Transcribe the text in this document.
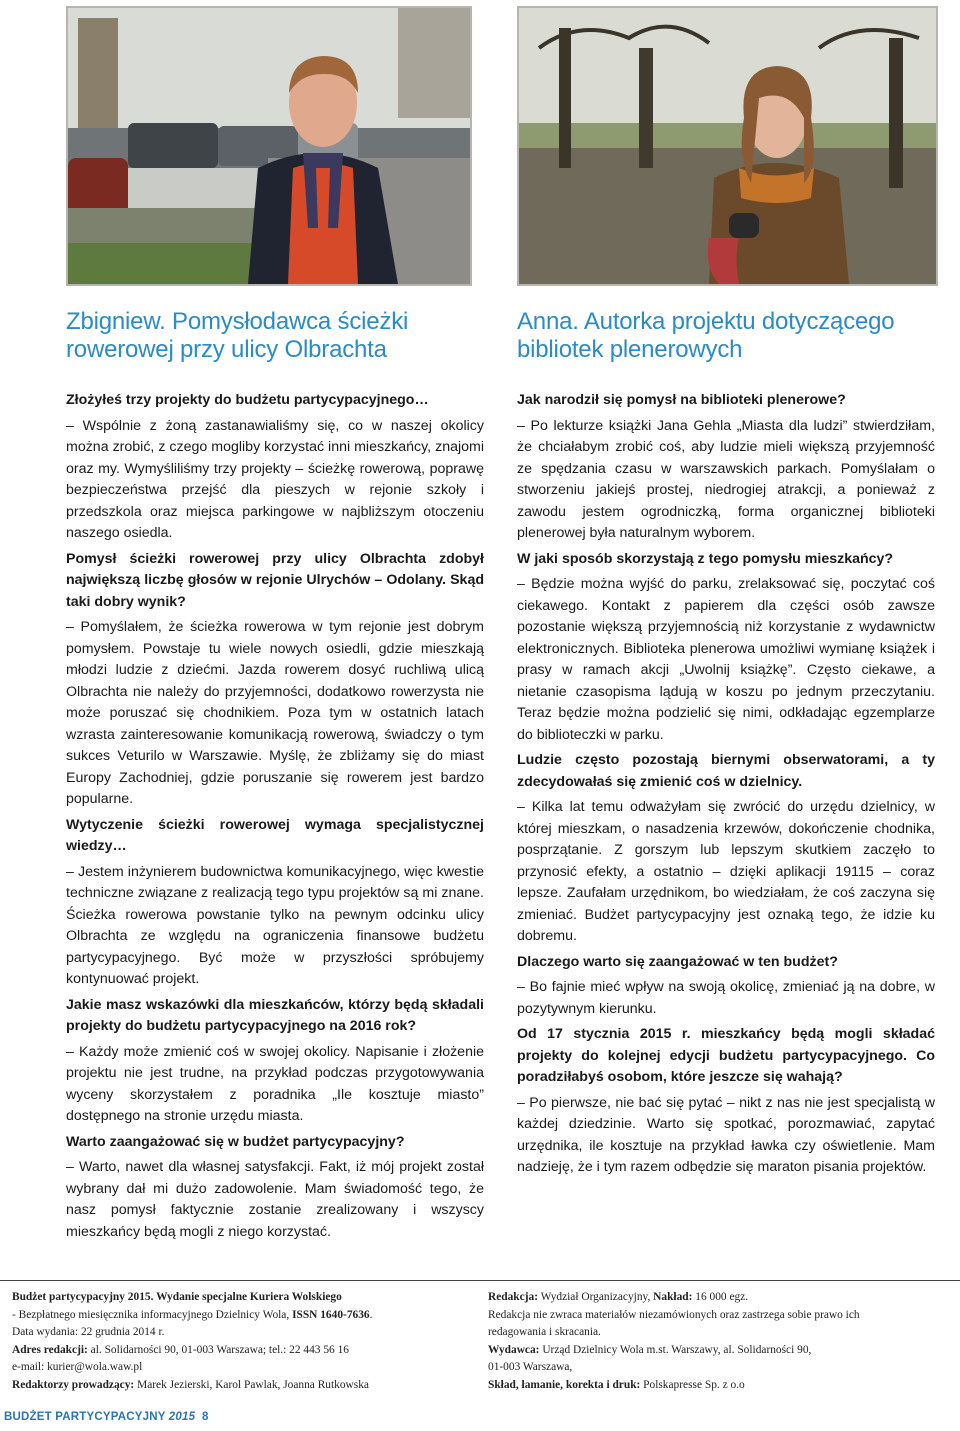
Zbigniew. Pomysłodawca ścieżki
rowerowej przy ulicy Olbrachta
Anna. Autorka projektu dotyczącego
bibliotek plenerowych

Złożyłeś trzy projekty do budżetu partycypacyjnego…

– Wspólnie z żoną zastanawialiśmy się, co w naszej okolicy można zrobić, z czego mogliby korzystać inni mieszkańcy, znajomi oraz my. Wymyśliliśmy trzy projekty – ścieżkę rowerową, poprawę bezpieczeństwa przejść dla pieszych w rejonie szkoły i przedszkola oraz miejsca parkingowe w najbliższym otoczeniu naszego osiedla.

Pomysł ścieżki rowerowej przy ulicy Olbrachta zdobył największą liczbę głosów w rejonie Ulrychów – Odolany. Skąd taki dobry wynik?

– Pomyślałem, że ścieżka rowerowa w tym rejonie jest dobrym pomysłem. Powstaje tu wiele nowych osiedli, gdzie mieszkają młodzi ludzie z dziećmi. Jazda rowerem dosyć ruchliwą ulicą Olbrachta nie należy do przyjemności, dodatkowo rowerzysta nie może poruszać się chodnikiem. Poza tym w ostatnich latach wzrasta zainteresowanie komunikacją rowerową, świadczy o tym sukces Veturilo w Warszawie. Myślę, że zbliżamy się do miast Europy Zachodniej, gdzie poruszanie się rowerem jest bardzo popularne.

Wytyczenie ścieżki rowerowej wymaga specjalistycznej wiedzy…

– Jestem inżynierem budownictwa komunikacyjnego, więc kwestie techniczne związane z realizacją tego typu projektów są mi znane. Ścieżka rowerowa powstanie tylko na pewnym odcinku ulicy Olbrachta ze względu na ograniczenia finansowe budżetu partycypacyjnego. Być może w przyszłości spróbujemy kontynuować projekt.

Jakie masz wskazówki dla mieszkańców, którzy będą składali projekty do budżetu partycypacyjnego na 2016 rok?

– Każdy może zmienić coś w swojej okolicy. Napisanie i złożenie projektu nie jest trudne, na przykład podczas przygotowywania wyceny skorzystałem z poradnika „Ile kosztuje miasto” dostępnego na stronie urzędu miasta.

Warto zaangażować się w budżet partycypacyjny?

– Warto, nawet dla własnej satysfakcji. Fakt, iż mój projekt został wybrany dał mi dużo zadowolenie. Mam świadomość tego, że nasz pomysł faktycznie zostanie zrealizowany i wszyscy mieszkańcy będą mogli z niego korzystać.

Jak narodził się pomysł na biblioteki plenerowe?

– Po lekturze książki Jana Gehla „Miasta dla ludzi” stwierdziłam, że chciałabym zrobić coś, aby ludzie mieli większą przyjemność ze spędzania czasu w warszawskich parkach. Pomyślałam o stworzeniu jakiejś prostej, niedrogiej atrakcji, a ponieważ z zawodu jestem ogrodniczką, forma organicznej biblioteki plenerowej była naturalnym wyborem.

W jaki sposób skorzystają z tego pomysłu mieszkańcy?

– Będzie można wyjść do parku, zrelaksować się, poczytać coś ciekawego. Kontakt z papierem dla części osób zawsze pozostanie większą przyjemnością niż korzystanie z wydawnictw elektronicznych. Biblioteka plenerowa umożliwi wymianę książek i prasy w ramach akcji „Uwolnij książkę”. Często ciekawe, a nietanie czasopisma lądują w koszu po jednym przeczytaniu. Teraz będzie można podzielić się nimi, odkładając egzemplarze do biblioteczki w parku.

Ludzie często pozostają biernymi obserwatorami, a ty zdecydowałaś się zmienić coś w dzielnicy.

– Kilka lat temu odważyłam się zwrócić do urzędu dzielnicy, w której mieszkam, o nasadzenia krzewów, dokończenie chodnika, posprzątanie. Z gorszym lub lepszym skutkiem zaczęło to przynosić efekty, a ostatnio – dzięki aplikacji 19115 – coraz lepsze. Zaufałam urzędnikom, bo wiedziałam, że coś zaczyna się zmieniać. Budżet partycypacyjny jest oznaką tego, że idzie ku dobremu.

Dlaczego warto się zaangażować w ten budżet?

– Bo fajnie mieć wpływ na swoją okolicę, zmieniać ją na dobre, w pozytywnym kierunku.

Od 17 stycznia 2015 r. mieszkańcy będą mogli składać projekty do kolejnej edycji budżetu partycypacyjnego. Co poradziłabyś osobom, które jeszcze się wahają?

– Po pierwsze, nie bać się pytać – nikt z nas nie jest specjalistą w każdej dziedzinie. Warto się spotkać, porozmawiać, zapytać urzędnika, ile kosztuje na przykład ławka czy oświetlenie. Mam nadzieję, że i tym razem odbędzie się maraton pisania projektów.

Budżet partycypacyjny 2015. Wydanie specjalne Kuriera Wolskiego
- Bezpłatnego miesięcznika informacyjnego Dzielnicy Wola, ISSN 1640-7636.
Data wydania: 22 grudnia 2014 r.
Adres redakcji: al. Solidarności 90, 01-003 Warszawa; tel.: 22 443 56 16
e-mail: kurier@wola.waw.pl
Redaktorzy prowadzący: Marek Jezierski, Karol Pawlak, Joanna Rutkowska
Redakcja: Wydział Organizacyjny, Nakład: 16 000 egz.
Redakcja nie zwraca materiałów niezamówionych oraz zastrzega sobie prawo ich
redagowania i skracania.
Wydawca: Urząd Dzielnicy Wola m.st. Warszawy, al. Solidarności 90,
01-003 Warszawa,
Skład, łamanie, korekta i druk: Polskapresse Sp. z o.o
BUDŻET PARTYCYPACYJNY 2015 8
